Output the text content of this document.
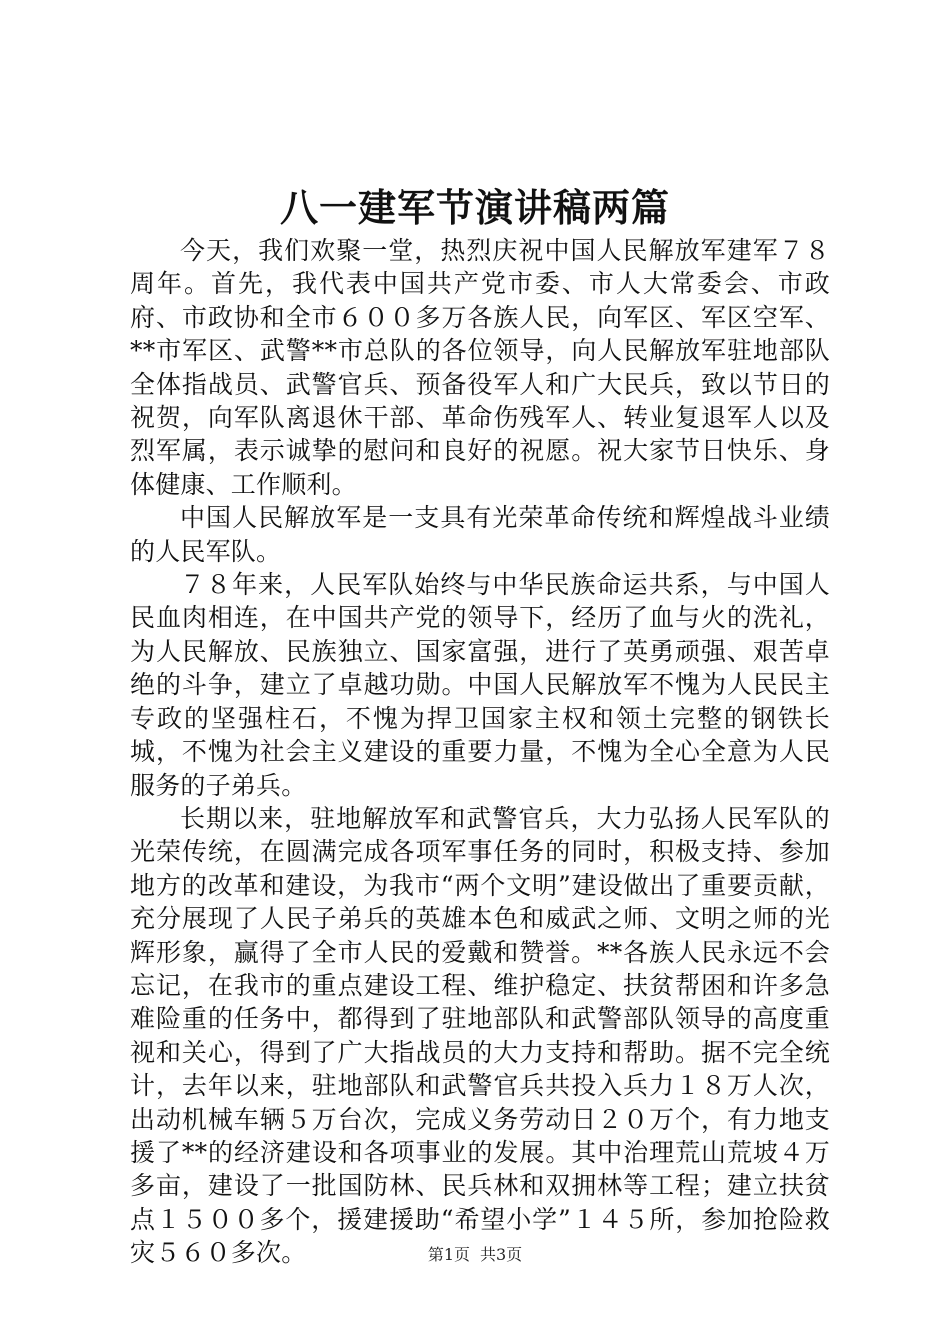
八一建军节演讲稿两篇

今天，我们欢聚一堂，热烈庆祝中国人民解放军建军７８周年。首先，我代表中国共产党市委、市人大常委会、市政府、市政协和全市６００多万各族人民，向军区、军区空军、**市军区、武警**市总队的各位领导，向人民解放军驻地部队全体指战员、武警官兵、预备役军人和广大民兵，致以节日的祝贺，向军队离退休干部、革命伤残军人、转业复退军人以及烈军属，表示诚挚的慰问和良好的祝愿。祝大家节日快乐、身体健康、工作顺利。

中国人民解放军是一支具有光荣革命传统和辉煌战斗业绩的人民军队。

７８年来，人民军队始终与中华民族命运共系，与中国人民血肉相连，在中国共产党的领导下，经历了血与火的洗礼，为人民解放、民族独立、国家富强，进行了英勇顽强、艰苦卓绝的斗争，建立了卓越功勋。中国人民解放军不愧为人民民主专政的坚强柱石，不愧为捍卫国家主权和领土完整的钢铁长城，不愧为社会主义建设的重要力量，不愧为全心全意为人民服务的子弟兵。

长期以来，驻地解放军和武警官兵，大力弘扬人民军队的光荣传统，在圆满完成各项军事任务的同时，积极支持、参加地方的改革和建设，为我市“两个文明”建设做出了重要贡献，充分展现了人民子弟兵的英雄本色和威武之师、文明之师的光辉形象，赢得了全市人民的爱戴和赞誉。**各族人民永远不会忘记，在我市的重点建设工程、维护稳定、扶贫帮困和许多急难险重的任务中，都得到了驻地部队和武警部队领导的高度重视和关心，得到了广大指战员的大力支持和帮助。据不完全统计，去年以来，驻地部队和武警官兵共投入兵力１８万人次，出动机械车辆５万台次，完成义务劳动日２０万个，有力地支援了**的经济建设和各项事业的发展。其中治理荒山荒坡４万多亩，建设了一批国防林、民兵林和双拥林等工程；建立扶贫点１５００多个，援建援助“希望小学”１４５所，参加抢险救灾５６０多次。	第1页 共3页
